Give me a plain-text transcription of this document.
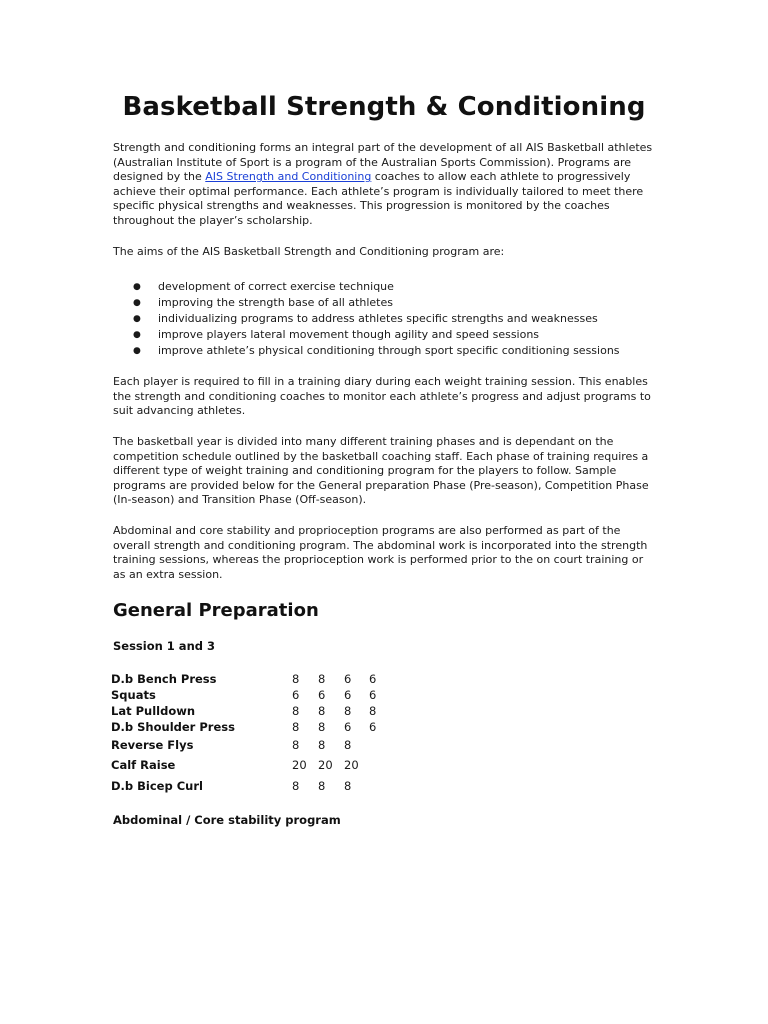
Basketball Strength & Conditioning

Strength and conditioning forms an integral part of the development of all AIS Basketball athletes (Australian Institute of Sport is a program of the Australian Sports Commission). Programs are designed by the AIS Strength and Conditioning coaches to allow each athlete to progressively achieve their optimal performance. Each athlete’s program is individually tailored to meet there specific physical strengths and weaknesses. This progression is monitored by the coaches throughout the player’s scholarship.

The aims of the AIS Basketball Strength and Conditioning program are:

● development of correct exercise technique
● improving the strength base of all athletes
● individualizing programs to address athletes specific strengths and weaknesses
● improve players lateral movement though agility and speed sessions
● improve athlete’s physical conditioning through sport specific conditioning sessions

Each player is required to fill in a training diary during each weight training session. This enables the strength and conditioning coaches to monitor each athlete’s progress and adjust programs to suit advancing athletes.

The basketball year is divided into many different training phases and is dependant on the competition schedule outlined by the basketball coaching staff. Each phase of training requires a different type of weight training and conditioning program for the players to follow. Sample programs are provided below for the General preparation Phase (Pre-season), Competition Phase (In-season) and Transition Phase (Off-season).

Abdominal and core stability and proprioception programs are also performed as part of the overall strength and conditioning program. The abdominal work is incorporated into the strength training sessions, whereas the proprioception work is performed prior to the on court training or as an extra session.

General Preparation

Session 1 and 3

D.b Bench Press	8	8	6	6
Squats	6	6	6	6
Lat Pulldown	8	8	8	8
D.b Shoulder Press	8	8	6	6
Reverse Flys	8	8	8
Calf Raise	20 20 20
D.b Bicep Curl	8	8	8

Abdominal / Core stability program
